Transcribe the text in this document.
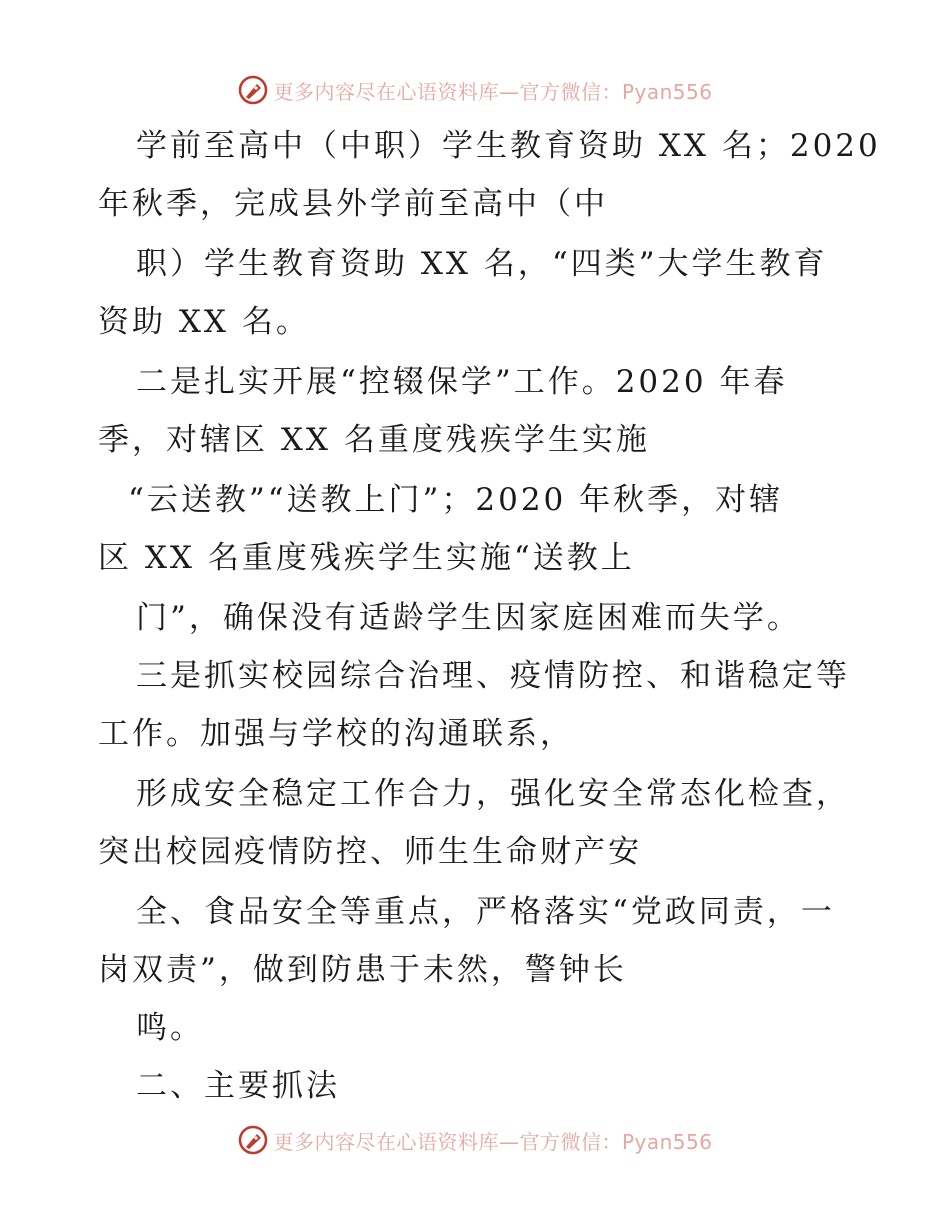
更多内容尽在心语资料库—官方微信：Pyan556
学前至高中（中职）学生教育资助 XX 名；2020
年秋季，完成县外学前至高中（中
职）学生教育资助 XX 名，“四类”大学生教育
资助 XX 名。
二是扎实开展“控辍保学”工作。2020 年春
季，对辖区 XX 名重度残疾学生实施
“云送教”“送教上门”；2020 年秋季，对辖
区 XX 名重度残疾学生实施“送教上
门”，确保没有适龄学生因家庭困难而失学。
三是抓实校园综合治理、疫情防控、和谐稳定等
工作。加强与学校的沟通联系，
形成安全稳定工作合力，强化安全常态化检查，
突出校园疫情防控、师生生命财产安
全、食品安全等重点，严格落实“党政同责，一
岗双责”，做到防患于未然，警钟长
鸣。
二、主要抓法
更多内容尽在心语资料库—官方微信：Pyan556
